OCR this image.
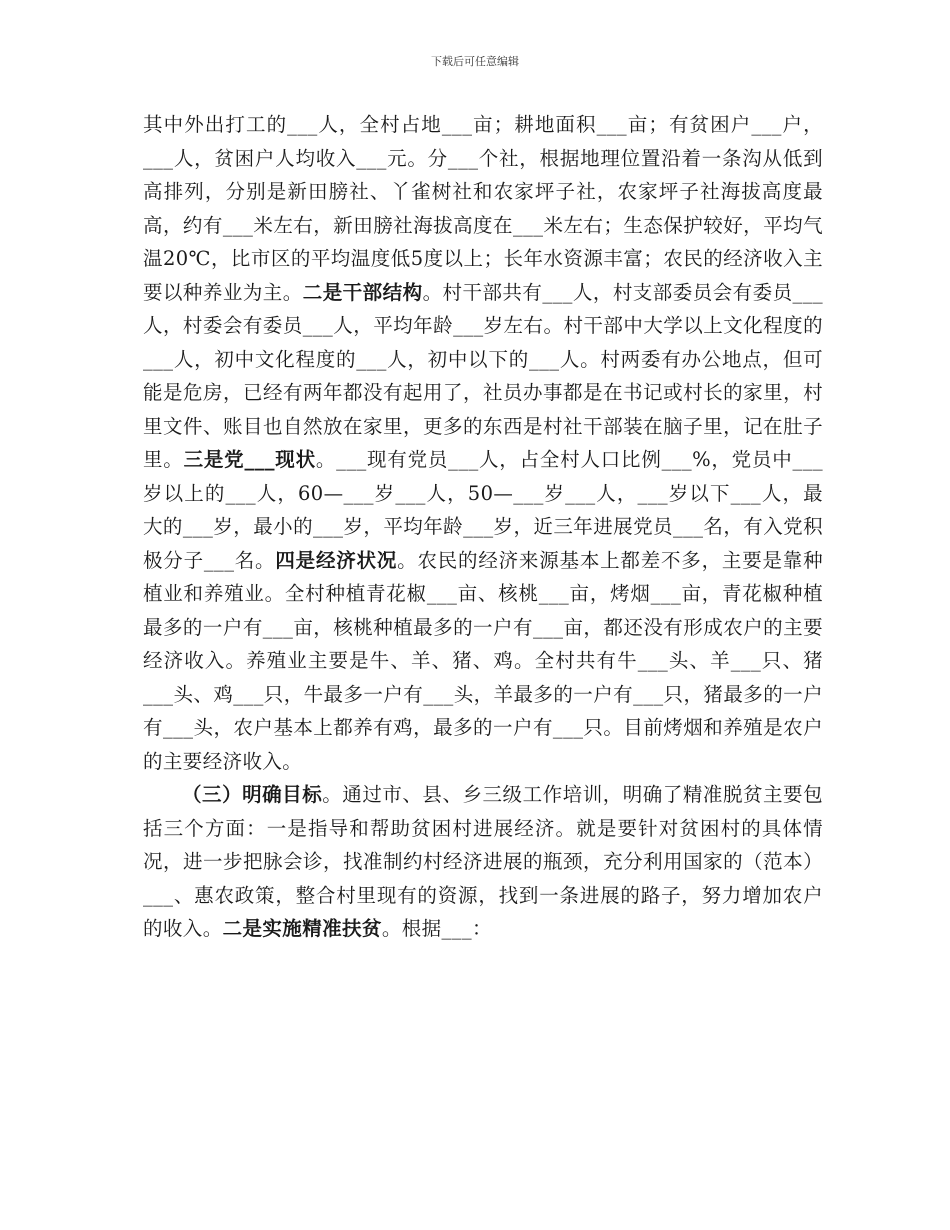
下载后可任意编辑

其中外出打工的___人，全村占地___亩；耕地面积___亩；有贫困户___户，___人，贫困户人均收入___元。分___个社，根据地理位置沿着一条沟从低到高排列，分别是新田膀社、丫雀树社和农家坪子社，农家坪子社海拔高度最高，约有___米左右，新田膀社海拔高度在___米左右；生态保护较好，平均气温20℃，比市区的平均温度低5度以上；长年水资源丰富；农民的经济收入主要以种养业为主。二是干部结构。村干部共有___人，村支部委员会有委员___人，村委会有委员___人，平均年龄___岁左右。村干部中大学以上文化程度的___人，初中文化程度的___人，初中以下的___人。村两委有办公地点，但可能是危房，已经有两年都没有起用了，社员办事都是在书记或村长的家里，村里文件、账目也自然放在家里，更多的东西是村社干部装在脑子里，记在肚子里。三是党___现状。___现有党员___人，占全村人口比例___%，党员中___岁以上的___人，60—___岁___人，50—___岁___人，___岁以下___人，最大的___岁，最小的___岁，平均年龄___岁，近三年进展党员___名，有入党积极分子___名。四是经济状况。农民的经济来源基本上都差不多，主要是靠种植业和养殖业。全村种植青花椒___亩、核桃___亩，烤烟___亩，青花椒种植最多的一户有___亩，核桃种植最多的一户有___亩，都还没有形成农户的主要经济收入。养殖业主要是牛、羊、猪、鸡。全村共有牛___头、羊___只、猪___头、鸡___只，牛最多一户有___头，羊最多的一户有___只，猪最多的一户有___头，农户基本上都养有鸡，最多的一户有___只。目前烤烟和养殖是农户的主要经济收入。

（三）明确目标。通过市、县、乡三级工作培训，明确了精准脱贫主要包括三个方面：一是指导和帮助贫困村进展经济。就是要针对贫困村的具体情况，进一步把脉会诊，找准制约村经济进展的瓶颈，充分利用国家的（范本）___、惠农政策，整合村里现有的资源，找到一条进展的路子，努力增加农户的收入。二是实施精准扶贫。根据___：
